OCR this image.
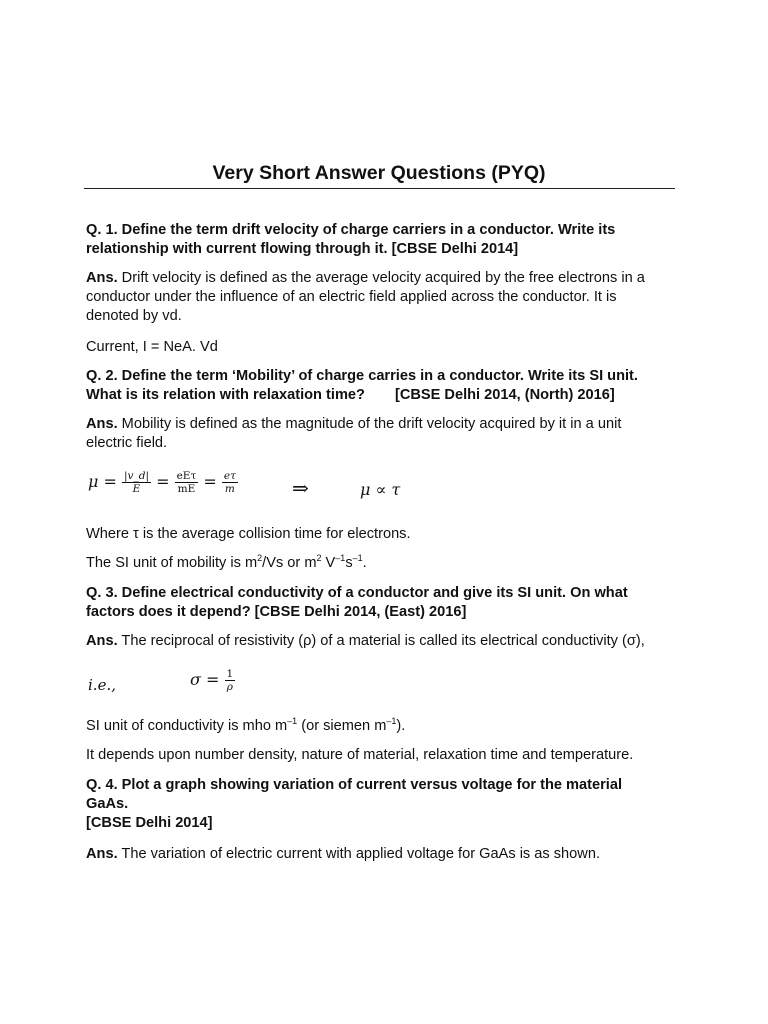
Very Short Answer Questions (PYQ)
Q. 1. Define the term drift velocity of charge carriers in a conductor. Write its
relationship with current flowing through it. [CBSE Delhi 2014]
Ans. Drift velocity is defined as the average velocity acquired by the free electrons in a
conductor under the influence of an electric field applied across the conductor. It is
denoted by vd.
Current, I = NeA. Vd
Q. 2. Define the term ‘Mobility’ of charge carries in a conductor. Write its SI unit.
What is its relation with relaxation time? [CBSE Delhi 2014, (North) 2016]
Ans. Mobility is defined as the magnitude of the drift velocity acquired by it in a unit
electric field.
$\mu = \frac{|v\_d|}{E} = \frac{\text{eEτ}}{mE} = \frac{e\tau}{m}$	⇒	μ ∝ τ
Where τ is the average collision time for electrons.
The SI unit of mobility is $m^2/Vs$ or $m^2$ $V^{-1}s^{-1}$.
Q. 3. Define electrical conductivity of a conductor and give its SI unit. On what
factors does it depend? [CBSE Delhi 2014, (East) 2016]
Ans. The reciprocal of resistivity (ρ) of a material is called its electrical conductivity (σ),
i.e.,	$\sigma = \frac{1}{\rho}$
SI unit of conductivity is mho $m^{-1}$ (or siemen $m^{-1}$).
It depends upon number density, nature of material, relaxation time and temperature.
Q. 4. Plot a graph showing variation of current versus voltage for the material
GaAs.
[CBSE Delhi 2014]
Ans. The variation of electric current with applied voltage for GaAs is as shown.
